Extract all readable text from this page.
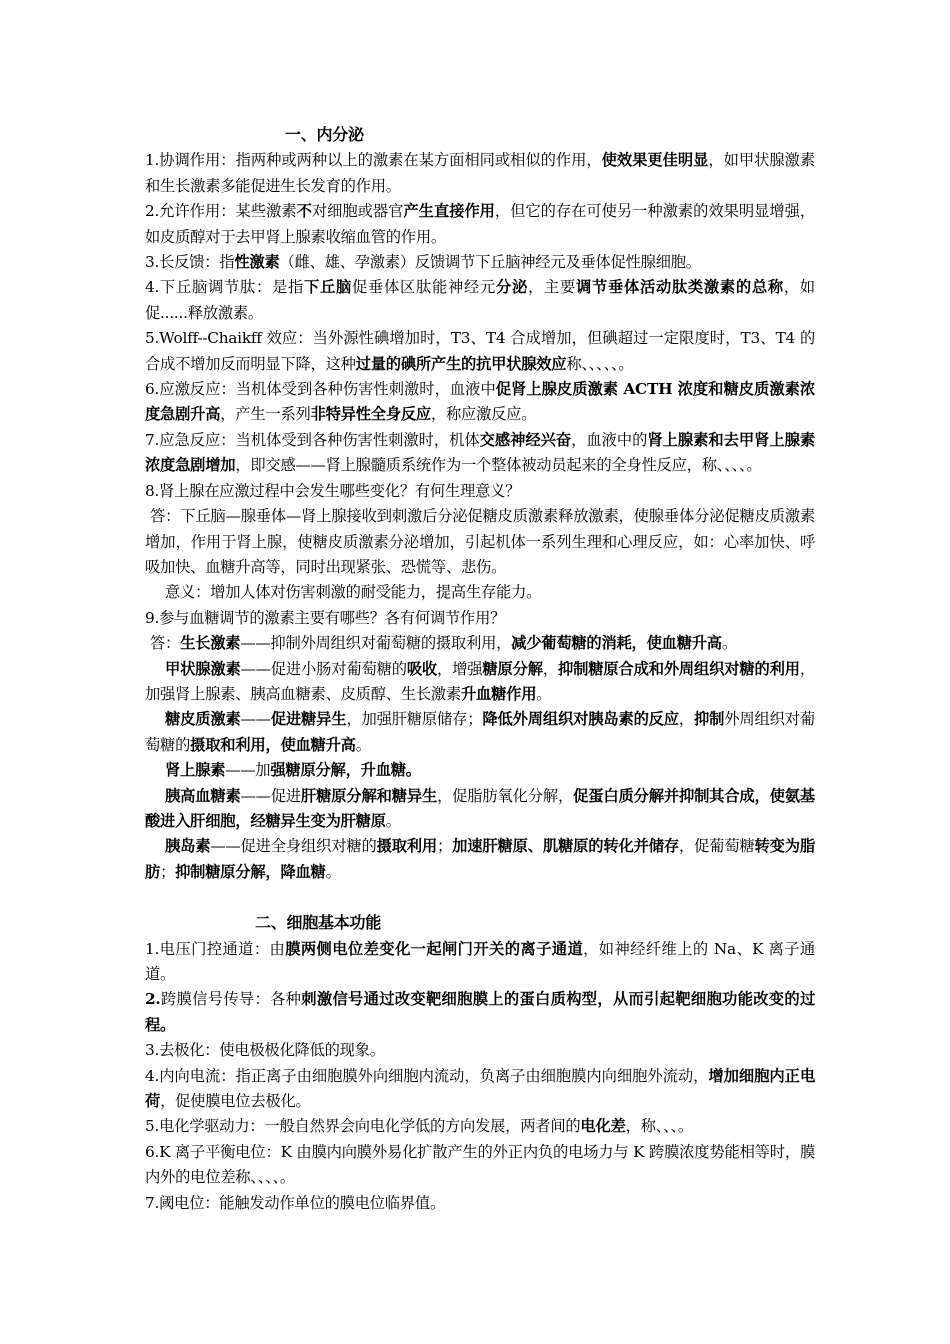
一、内分泌

1.协调作用：指两种或两种以上的激素在某方面相同或相似的作用，使效果更佳明显，如甲状腺激素和生长激素多能促进生长发育的作用。

2.允许作用：某些激素不对细胞或器官产生直接作用，但它的存在可使另一种激素的效果明显增强，如皮质醇对于去甲肾上腺素收缩血管的作用。

3.长反馈：指性激素（雌、雄、孕激素）反馈调节下丘脑神经元及垂体促性腺细胞。

4.下丘脑调节肽：是指下丘脑促垂体区肽能神经元分泌，主要调节垂体活动肽类激素的总称，如促......释放激素。

5.Wolff--Chaikff 效应：当外源性碘增加时，T3、T4 合成增加，但碘超过一定限度时，T3、T4 的合成不增加反而明显下降，这种过量的碘所产生的抗甲状腺效应称、、、、、。

6.应激反应：当机体受到各种伤害性刺激时，血液中促肾上腺皮质激素 ACTH 浓度和糖皮质激素浓度急剧升高，产生一系列非特异性全身反应，称应激反应。

7.应急反应：当机体受到各种伤害性刺激时，机体交感神经兴奋，血液中的肾上腺素和去甲肾上腺素浓度急剧增加，即交感——肾上腺髓质系统作为一个整体被动员起来的全身性反应，称、、、、。

8.肾上腺在应激过程中会发生哪些变化？有何生理意义？

答：下丘脑—腺垂体—肾上腺接收到刺激后分泌促糖皮质激素释放激素，使腺垂体分泌促糖皮质激素增加，作用于肾上腺，使糖皮质激素分泌增加，引起机体一系列生理和心理反应，如：心率加快、呼吸加快、血糖升高等，同时出现紧张、恐慌等、悲伤。

意义：增加人体对伤害刺激的耐受能力，提高生存能力。

9.参与血糖调节的激素主要有哪些？各有何调节作用？

答：生长激素——抑制外周组织对葡萄糖的摄取利用，减少葡萄糖的消耗，使血糖升高。

甲状腺激素——促进小肠对葡萄糖的吸收，增强糖原分解，抑制糖原合成和外周组织对糖的利用，加强肾上腺素、胰高血糖素、皮质醇、生长激素升血糖作用。

糖皮质激素——促进糖异生，加强肝糖原储存；降低外周组织对胰岛素的反应，抑制外周组织对葡萄糖的摄取和利用，使血糖升高。

肾上腺素——加强糖原分解，升血糖。

胰高血糖素——促进肝糖原分解和糖异生，促脂肪氧化分解，促蛋白质分解并抑制其合成，使氨基酸进入肝细胞，经糖异生变为肝糖原。

胰岛素——促进全身组织对糖的摄取利用；加速肝糖原、肌糖原的转化并储存，促葡萄糖转变为脂肪；抑制糖原分解，降血糖。

二、细胞基本功能

1.电压门控通道：由膜两侧电位差变化一起闸门开关的离子通道，如神经纤维上的 Na、K 离子通道。

2.跨膜信号传导：各种刺激信号通过改变靶细胞膜上的蛋白质构型，从而引起靶细胞功能改变的过程。

3.去极化：使电极极化降低的现象。

4.内向电流：指正离子由细胞膜外向细胞内流动，负离子由细胞膜内向细胞外流动，增加细胞内正电荷，促使膜电位去极化。

5.电化学驱动力：一般自然界会向电化学低的方向发展，两者间的电化差，称、、、。

6.K 离子平衡电位：K 由膜内向膜外易化扩散产生的外正内负的电场力与 K 跨膜浓度势能相等时，膜内外的电位差称、、、、。

7.阈电位：能触发动作单位的膜电位临界值。
